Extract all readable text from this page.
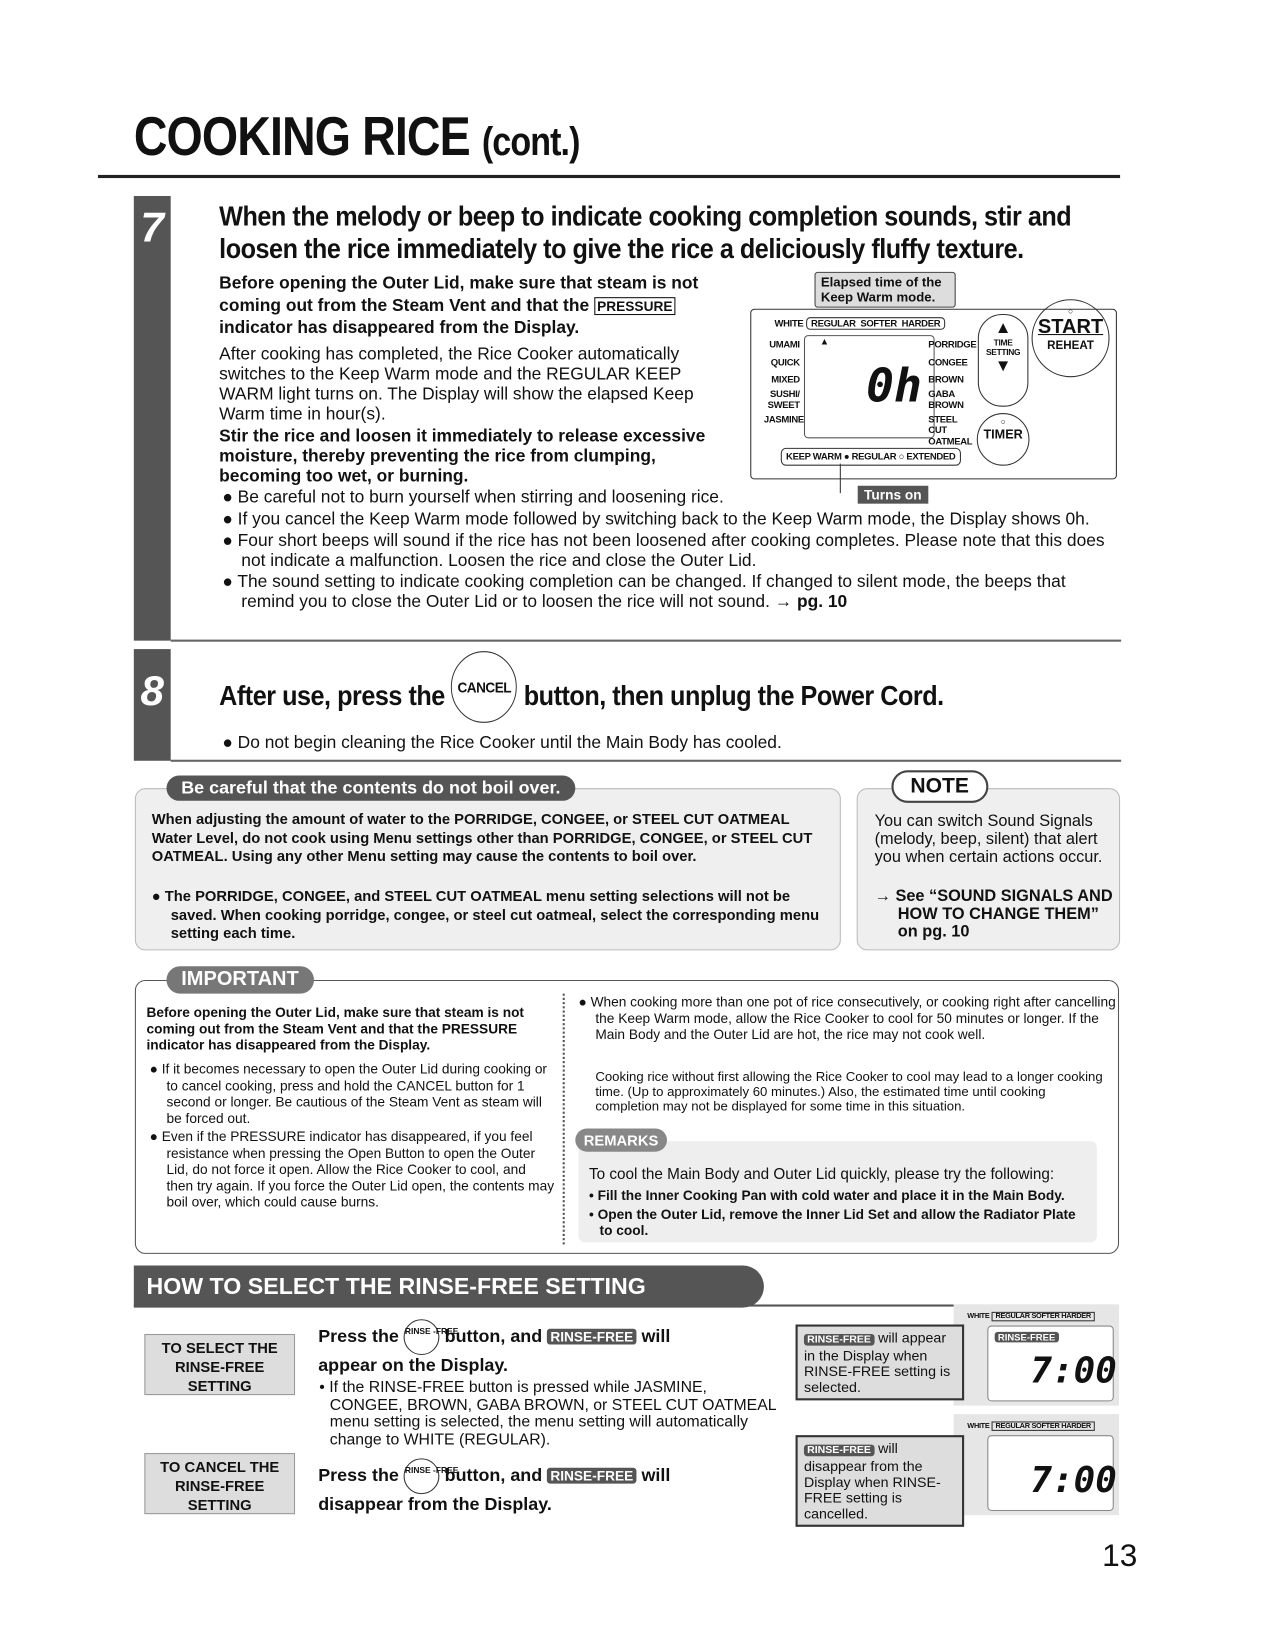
COOKING RICE (cont.)
7 When the melody or beep to indicate cooking completion sounds, stir and loosen the rice immediately to give the rice a deliciously fluffy texture.
Before opening the Outer Lid, make sure that steam is not coming out from the Steam Vent and that the PRESSURE indicator has disappeared from the Display.
After cooking has completed, the Rice Cooker automatically switches to the Keep Warm mode and the REGULAR KEEP WARM light turns on. The Display will show the elapsed Keep Warm time in hour(s).
Stir the rice and loosen it immediately to release excessive moisture, thereby preventing the rice from clumping, becoming too wet, or burning.
● Be careful not to burn yourself when stirring and loosening rice.
● If you cancel the Keep Warm mode followed by switching back to the Keep Warm mode, the Display shows 0h.
● Four short beeps will sound if the rice has not been loosened after cooking completes. Please note that this does not indicate a malfunction. Loosen the rice and close the Outer Lid.
● The sound setting to indicate cooking completion can be changed. If changed to silent mode, the beeps that remind you to close the Outer Lid or to loosen the rice will not sound. → pg. 10
WHITE REGULAR SOFTER HARDER
▲
0h
UMAMI
QUICK
MIXED
SUSHI/ SWEET
JASMINE
PORRIDGE
CONGEE
BROWN
GABA BROWN
STEEL CUT OATMEAL
KEEP WARM ● REGULAR ○ EXTENDED
▲
TIME SETTING
▼
○
TIMER
○
START
REHEAT
Elapsed time of the Keep Warm mode.
Turns on
8 After use, press the CANCEL button, then unplug the Power Cord.
● Do not begin cleaning the Rice Cooker until the Main Body has cooled.
When adjusting the amount of water to the PORRIDGE, CONGEE, or STEEL CUT OATMEAL Water Level, do not cook using Menu settings other than PORRIDGE, CONGEE, or STEEL CUT OATMEAL. Using any other Menu setting may cause the contents to boil over.
● The PORRIDGE, CONGEE, and STEEL CUT OATMEAL menu setting selections will not be saved. When cooking porridge, congee, or steel cut oatmeal, select the corresponding menu setting each time.
Be careful that the contents do not boil over.
You can switch Sound Signals (melody, beep, silent) that alert you when certain actions occur.
→ See “SOUND SIGNALS AND HOW TO CHANGE THEM” on pg. 10
NOTE
Before opening the Outer Lid, make sure that steam is not coming out from the Steam Vent and that the PRESSURE indicator has disappeared from the Display.
● If it becomes necessary to open the Outer Lid during cooking or to cancel cooking, press and hold the CANCEL button for 1 second or longer. Be cautious of the Steam Vent as steam will be forced out.
● Even if the PRESSURE indicator has disappeared, if you feel resistance when pressing the Open Button to open the Outer Lid, do not force it open. Allow the Rice Cooker to cool, and then try again. If you force the Outer Lid open, the contents may boil over, which could cause burns.
● When cooking more than one pot of rice consecutively, or cooking right after cancelling the Keep Warm mode, allow the Rice Cooker to cool for 50 minutes or longer. If the Main Body and the Outer Lid are hot, the rice may not cook well.
Cooking rice without first allowing the Rice Cooker to cool may lead to a longer cooking time. (Up to approximately 60 minutes.) Also, the estimated time until cooking completion may not be displayed for some time in this situation.
REMARKS
To cool the Main Body and Outer Lid quickly, please try the following:
• Fill the Inner Cooking Pan with cold water and place it in the Main Body.
• Open the Outer Lid, remove the Inner Lid Set and allow the Radiator Plate to cool.
IMPORTANT
HOW TO SELECT THE RINSE-FREE SETTING
TO SELECT THE RINSE-FREE SETTING
TO CANCEL THE RINSE-FREE SETTING
Press the RINSE -FREE button, and RINSE-FREE will
appear on the Display.
• If the RINSE-FREE button is pressed while JASMINE, CONGEE, BROWN, GABA BROWN, or STEEL CUT OATMEAL menu setting is selected, the menu setting will automatically change to WHITE (REGULAR).
Press the RINSE -FREE button, and RINSE-FREE will
disappear from the Display.
WHITE REGULAR SOFTER HARDER
RINSE-FREE
7:00
WHITE REGULAR SOFTER HARDER
7:00
RINSE-FREE will appear in the Display when RINSE-FREE setting is selected.
RINSE-FREE will disappear from the Display when RINSE-FREE setting is cancelled.
13
